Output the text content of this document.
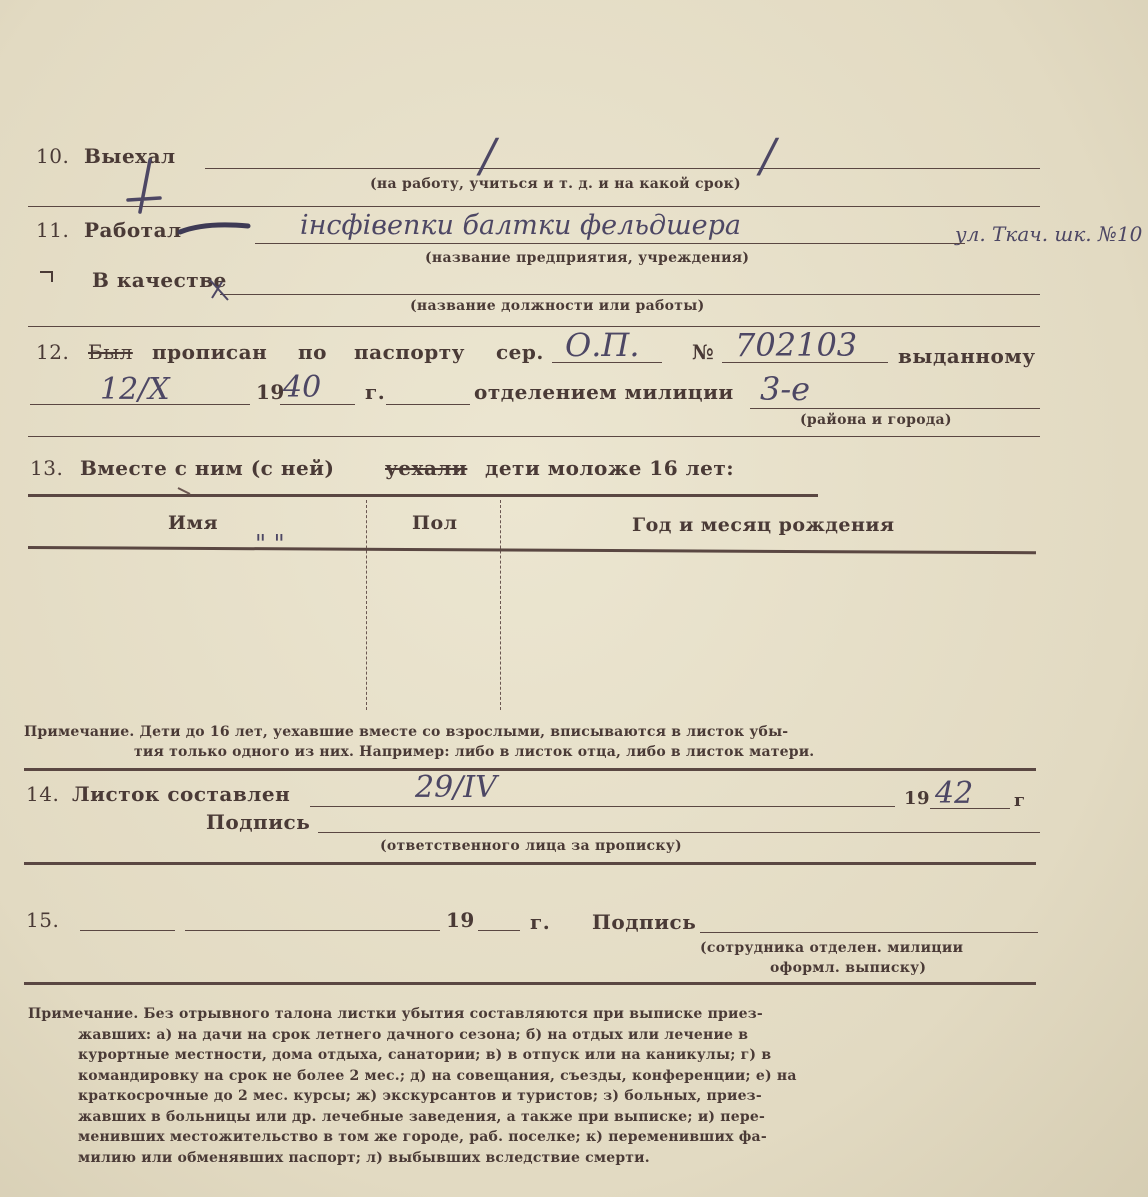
10. Выехал	/	/
(на работу, учиться и т. д. и на какой срок)
11. Работал	інсфівепки балтки фельдшера	ул. Ткач. шк. №10
(название предприятия, учреждения)
В качестве
(название должности или работы)
12. Был прописан по паспорту сер. О.П.	№ 702103 выданному
12/X	19
40 г.	отделением милиции 3-е
(района и города)
13. Вместе с ним (с ней)	уехали дети моложе 16 лет:
Имя	Пол	Год и месяц рождения
" "
Примечание. Дети до 16 лет, уехавшие вместе со взрослыми, вписываются в листок убы-
тия только одного из них. Например: либо в листок отца, либо в листок матери.
14. Листок составлен	29/IV	19 42 г
Подпись
(ответственного лица за прописку)
15.	19	г. Подпись
(сотрудника отделен. милиции
оформл. выписку)
Примечание. Без отрывного талона листки убытия составляются при выписке приез-
жавших: а) на дачи на срок летнего дачного сезона; б) на отдых или лечение в
курортные местности, дома отдыха, санатории; в) в отпуск или на каникулы; г) в
командировку на срок не более 2 мес.; д) на совещания, съезды, конференции; е) на
краткосрочные до 2 мес. курсы; ж) экскурсантов и туристов; з) больных, приез-
жавших в больницы или др. лечебные заведения, а также при выписке; и) пере-
менивших местожительство в том же городе, раб. поселке; к) переменивших фа-
милию или обменявших паспорт; л) выбывших вследствие смерти.
